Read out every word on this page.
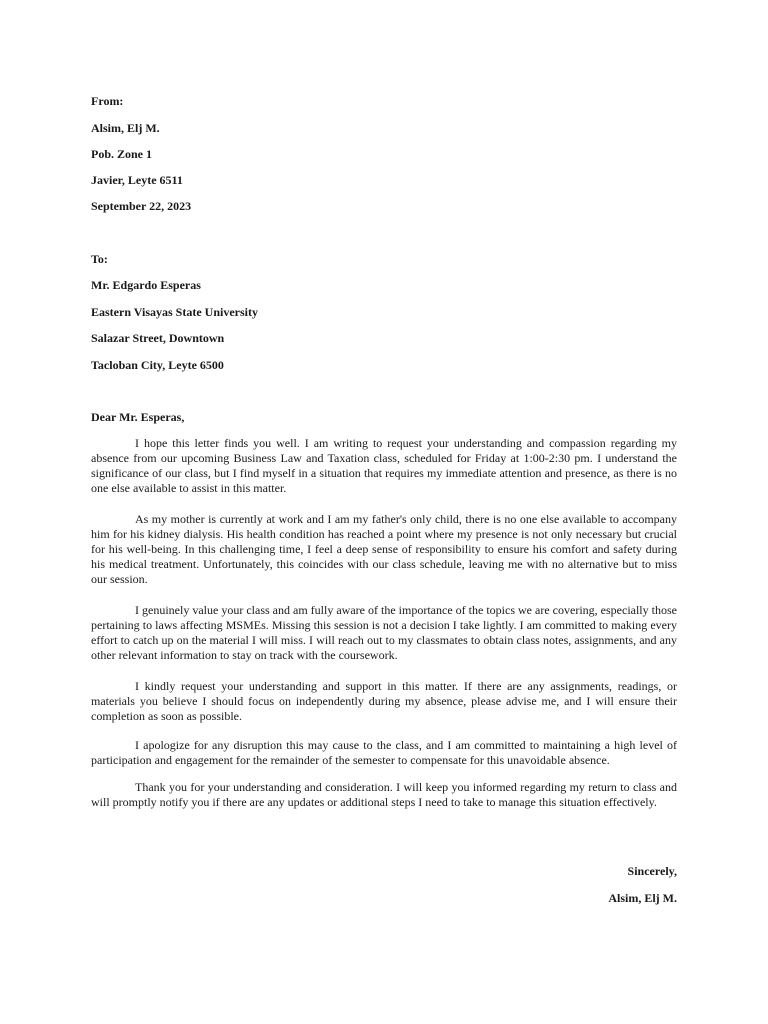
From:
Alsim, Elj M.
Pob. Zone 1
Javier, Leyte 6511
September 22, 2023
To:
Mr. Edgardo Esperas
Eastern Visayas State University
Salazar Street, Downtown
Tacloban City, Leyte 6500
Dear Mr. Esperas,

I hope this letter finds you well. I am writing to request your understanding and compassion regarding my absence from our upcoming Business Law and Taxation class, scheduled for Friday at 1:00-2:30 pm. I understand the significance of our class, but I find myself in a situation that requires my immediate attention and presence, as there is no one else available to assist in this matter.

As my mother is currently at work and I am my father's only child, there is no one else available to accompany him for his kidney dialysis. His health condition has reached a point where my presence is not only necessary but crucial for his well-being. In this challenging time, I feel a deep sense of responsibility to ensure his comfort and safety during his medical treatment. Unfortunately, this coincides with our class schedule, leaving me with no alternative but to miss our session.

I genuinely value your class and am fully aware of the importance of the topics we are covering, especially those pertaining to laws affecting MSMEs. Missing this session is not a decision I take lightly. I am committed to making every effort to catch up on the material I will miss. I will reach out to my classmates to obtain class notes, assignments, and any other relevant information to stay on track with the coursework.

I kindly request your understanding and support in this matter. If there are any assignments, readings, or materials you believe I should focus on independently during my absence, please advise me, and I will ensure their completion as soon as possible.

I apologize for any disruption this may cause to the class, and I am committed to maintaining a high level of participation and engagement for the remainder of the semester to compensate for this unavoidable absence.

Thank you for your understanding and consideration. I will keep you informed regarding my return to class and will promptly notify you if there are any updates or additional steps I need to take to manage this situation effectively.

Sincerely,
Alsim, Elj M.
